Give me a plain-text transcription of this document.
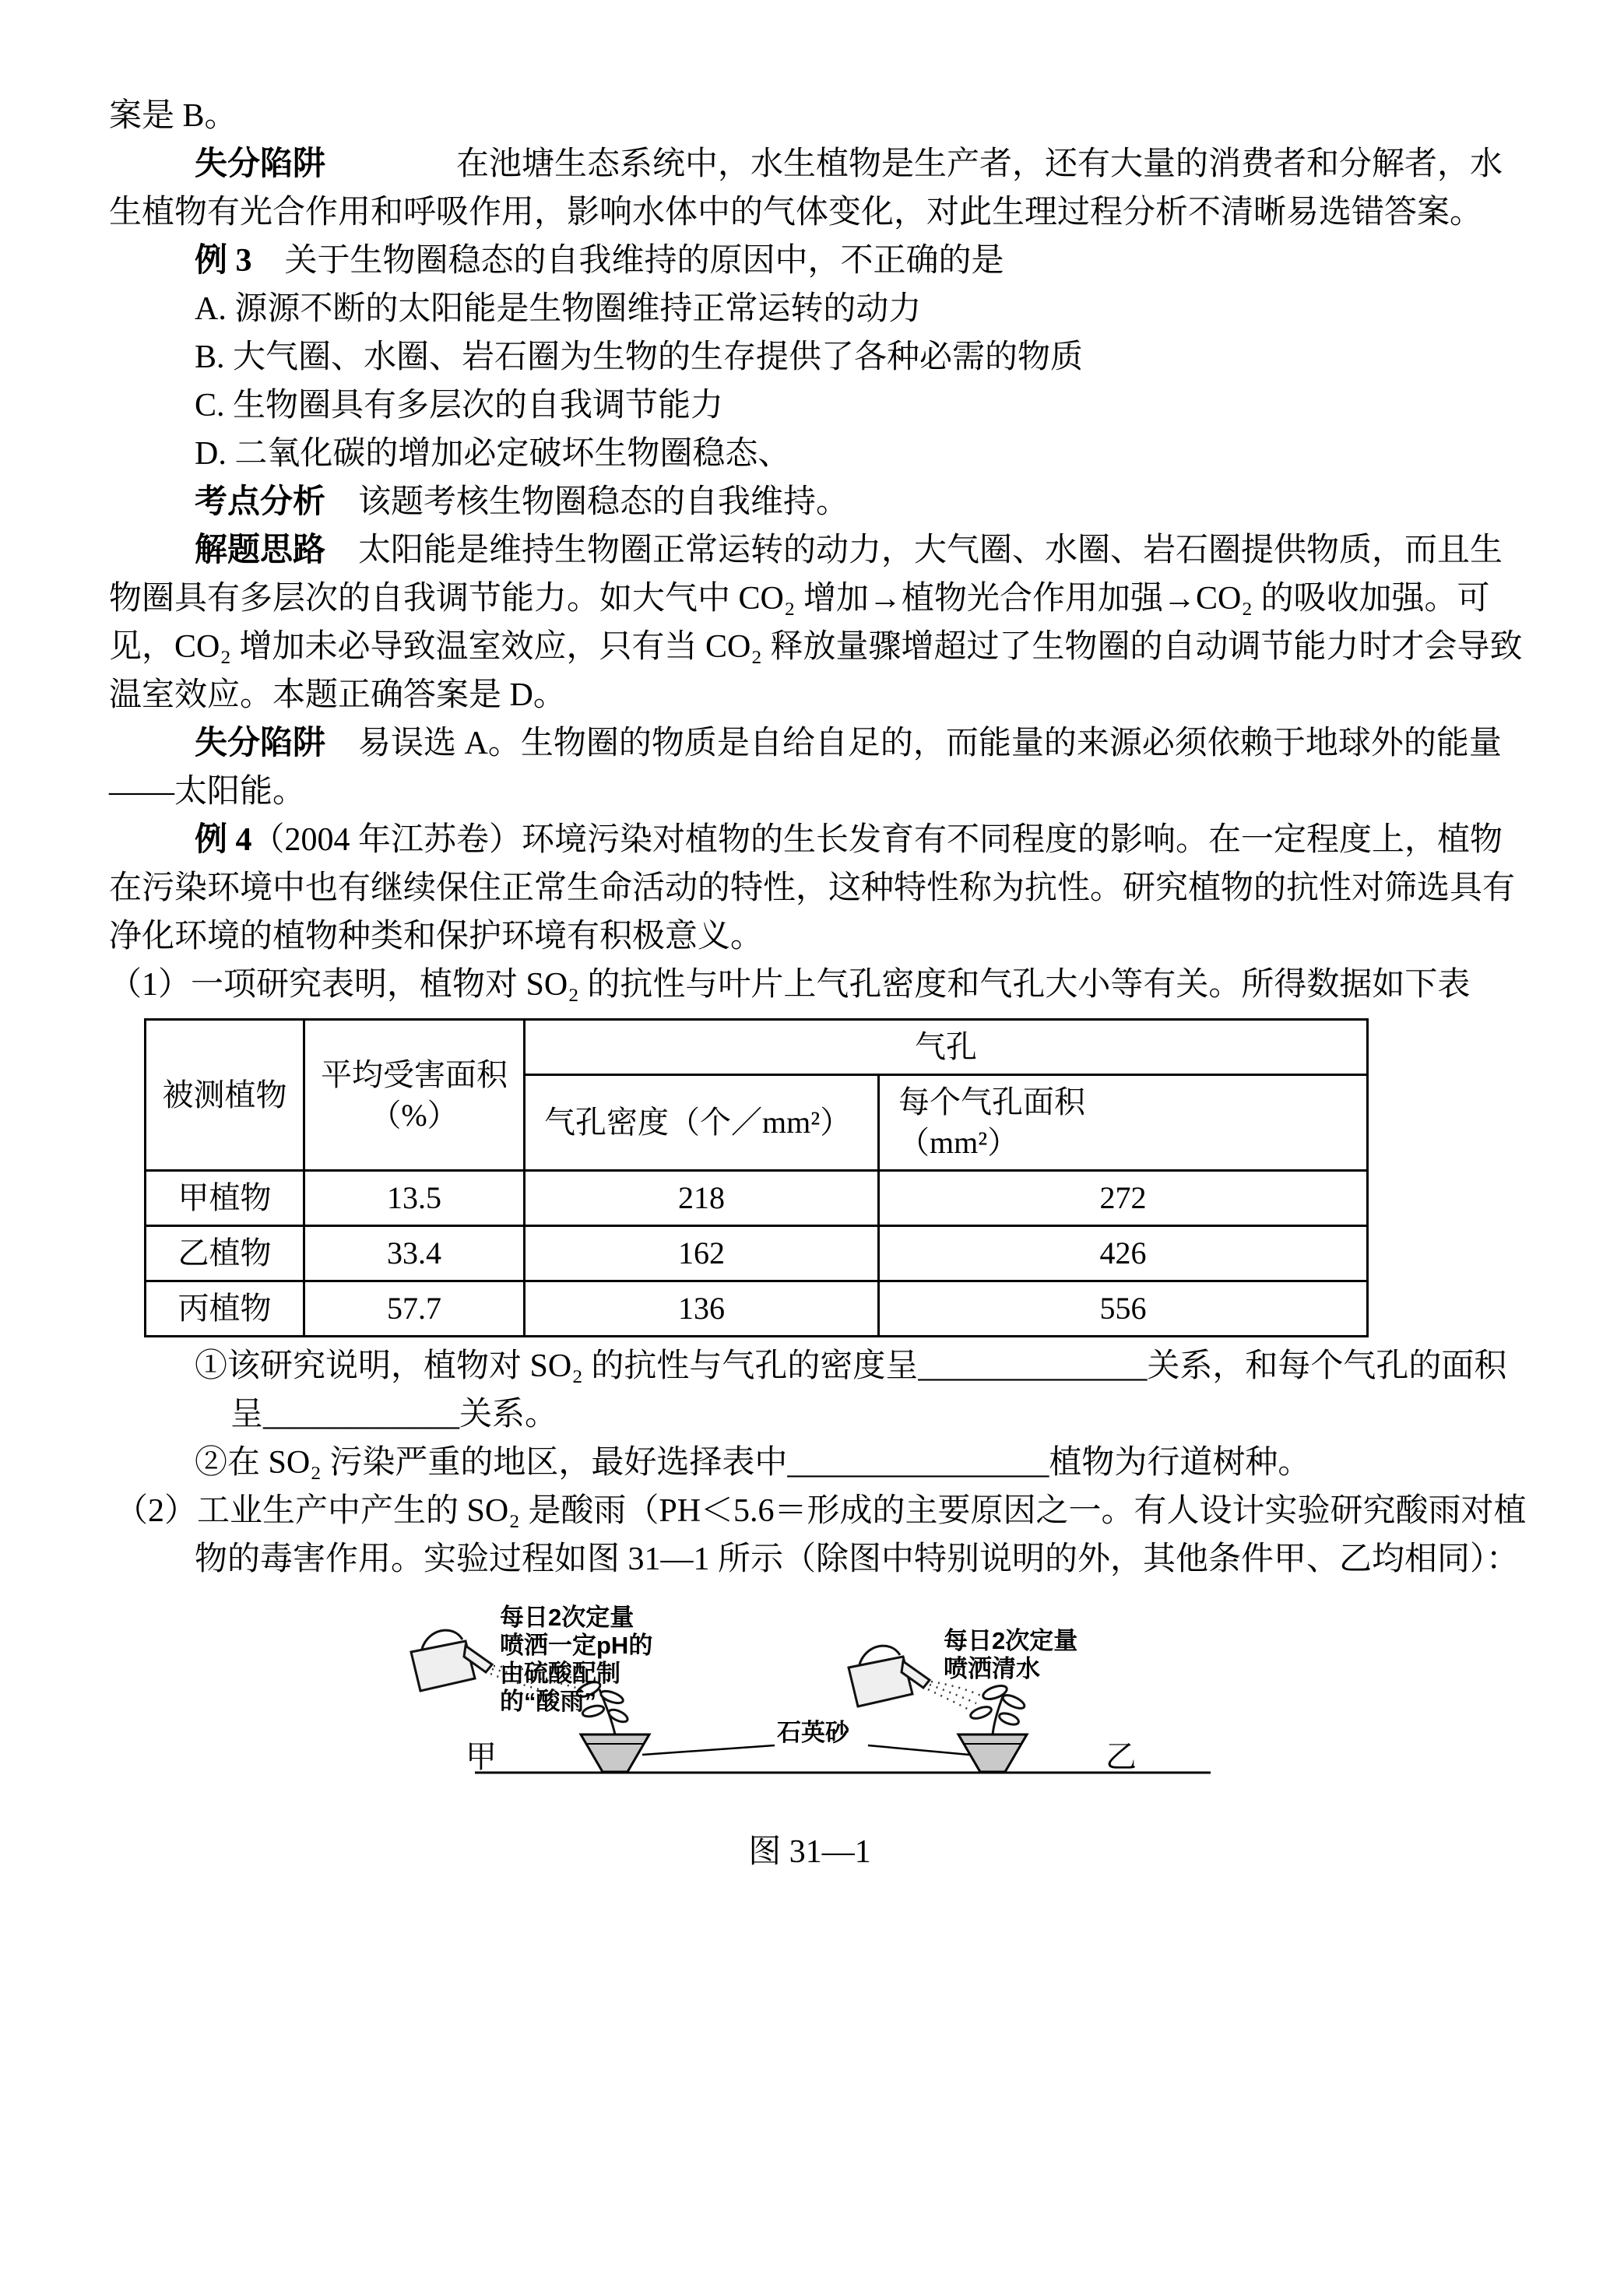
案是 B。

失分陷阱　　　　在池塘生态系统中，水生植物是生产者，还有大量的消费者和分解者，水生植物有光合作用和呼吸作用，影响水体中的气体变化，对此生理过程分析不清晰易选错答案。

例 3　关于生物圈稳态的自我维持的原因中，不正确的是

A. 源源不断的太阳能是生物圈维持正常运转的动力

B. 大气圈、水圈、岩石圈为生物的生存提供了各种必需的物质

C. 生物圈具有多层次的自我调节能力

D. 二氧化碳的增加必定破坏生物圈稳态、

考点分析　该题考核生物圈稳态的自我维持。

解题思路　太阳能是维持生物圈正常运转的动力，大气圈、水圈、岩石圈提供物质，而且生物圈具有多层次的自我调节能力。如大气中 CO₂ 增加→植物光合作用加强→CO₂ 的吸收加强。可见，CO₂ 增加未必导致温室效应，只有当 CO₂ 释放量骤增超过了生物圈的自动调节能力时才会导致温室效应。本题正确答案是 D。

失分陷阱　易误选 A。生物圈的物质是自给自足的，而能量的来源必须依赖于地球外的能量——太阳能。

例 4（2004 年江苏卷）环境污染对植物的生长发育有不同程度的影响。在一定程度上，植物在污染环境中也有继续保住正常生命活动的特性，这种特性称为抗性。研究植物的抗性对筛选具有净化环境的植物种类和保护环境有积极意义。

（1）一项研究表明，植物对 SO₂ 的抗性与叶片上气孔密度和气孔大小等有关。所得数据如下表

被测植物	平均受害面积（%）	气孔	
		气孔密度（个／mm²）	每个气孔面积
（mm²）

甲植物	13.5	218	272
乙植物	33.4	162	426
丙植物	57.7	136	556

①该研究说明，植物对 SO₂ 的抗性与气孔的密度呈______________关系，和每个气孔的面积呈____________关系。

②在 SO₂ 污染严重的地区，最好选择表中________________植物为行道树种。

（2）工业生产中产生的 SO₂ 是酸雨（PH＜5.6＝形成的主要原因之一。有人设计实验研究酸雨对植物的毒害作用。实验过程如图 31—1 所示（除图中特别说明的外，其他条件甲、乙均相同）：

每日2次定量
喷洒一定pH的
由硫酸配制
的“酸雨”
每日2次定量
喷洒清水
石英砂
甲	乙
图 31—1
